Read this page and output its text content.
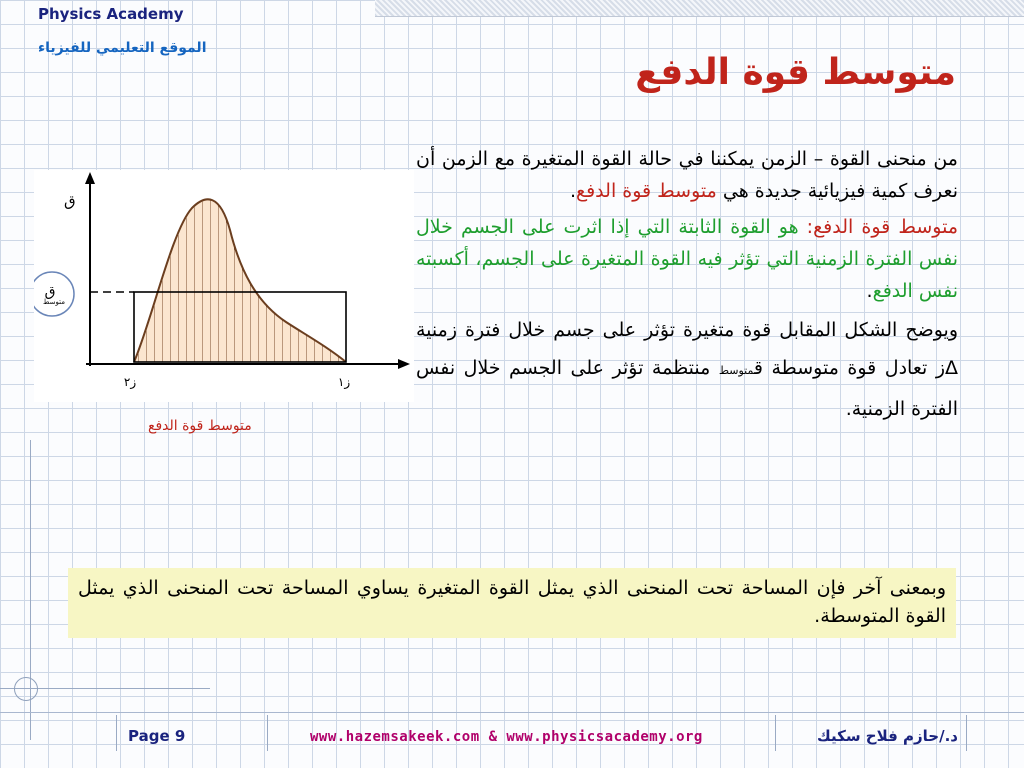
Physics Academy
الموقع التعليمي للفيزياء
متوسط قوة الدفع

من منحنى القوة – الزمن يمكننا في حالة القوة المتغيرة مع الزمن أن نعرف كمية فيزيائية جديدة هي متوسط قوة الدفع.

متوسط قوة الدفع: هو القوة الثابتة التي إذا اثرت على الجسم خلال نفس الفترة الزمنية التي تؤثر فيه القوة المتغيرة على الجسم، أكسبته نفس الدفع.

ويوضح الشكل المقابل قوة متغيرة تؤثر على جسم خلال فترة زمنية Δز تعادل قوة متوسطة قمتوسط منتظمة تؤثر على الجسم خلال نفس الفترة الزمنية.

ق
ق
متوسط
ز٢	ز١
متوسط قوة الدفع
وبمعنى آخر فإن المساحة تحت المنحنى الذي يمثل القوة المتغيرة يساوي المساحة تحت المنحنى الذي يمثل القوة المتوسطة.
Page 9	www.hazemsakeek.com & www.physicsacademy.org	د./حازم فلاح سكيك
